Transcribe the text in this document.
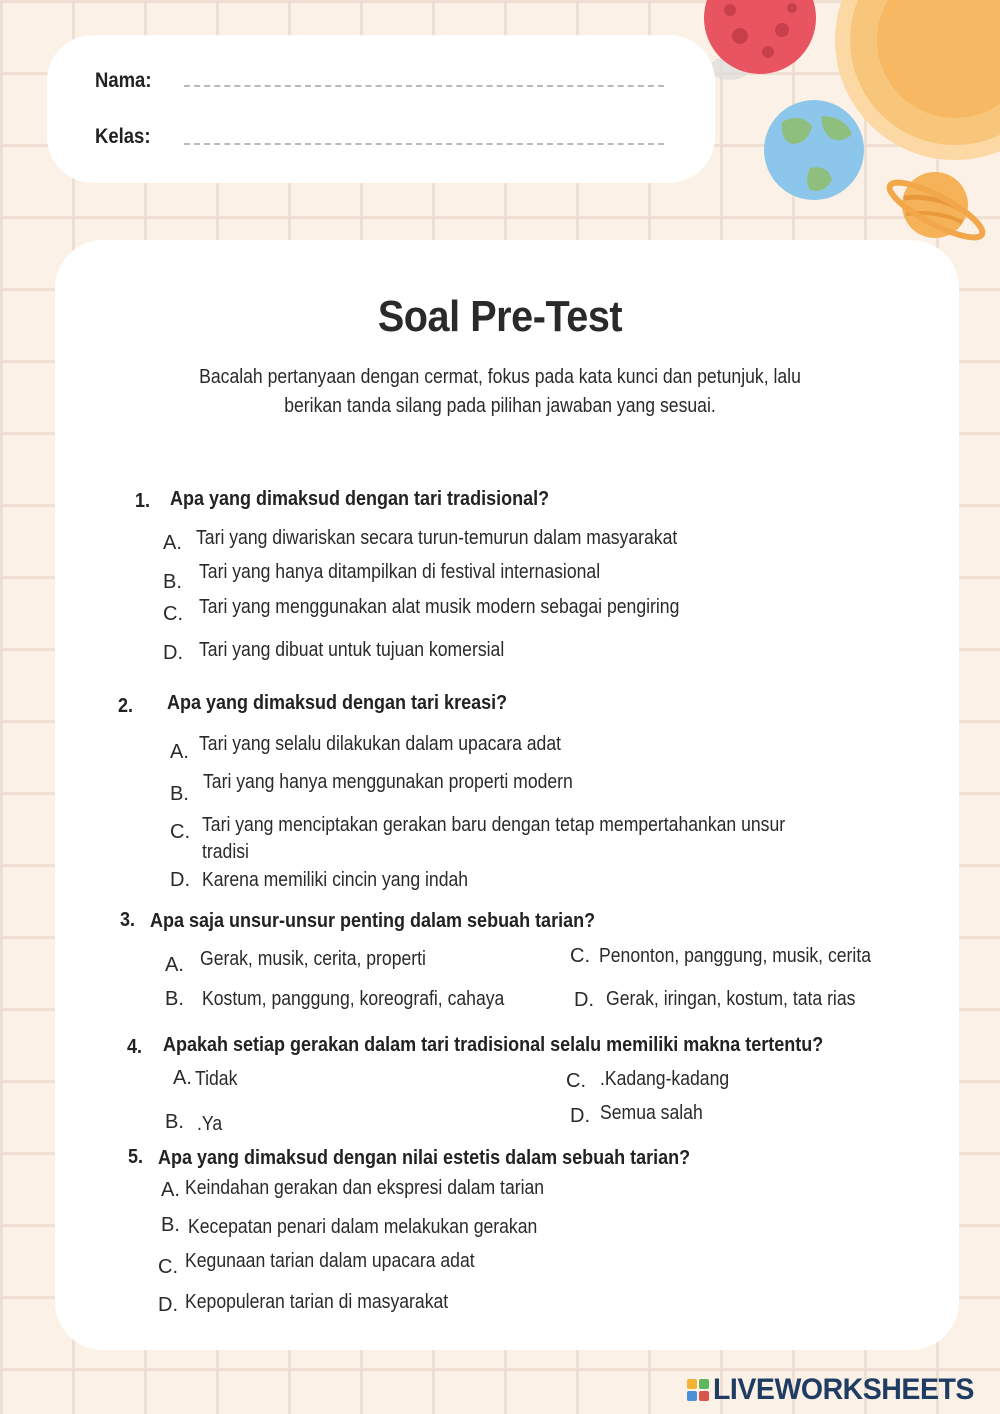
Nama:
Kelas:
Soal Pre-Test
Bacalah pertanyaan dengan cermat, fokus pada kata kunci dan petunjuk, lalu
berikan tanda silang pada pilihan jawaban yang sesuai.
1. Apa yang dimaksud dengan tari tradisional?
A. Tari yang diwariskan secara turun-temurun dalam masyarakat
B. Tari yang hanya ditampilkan di festival internasional
C. Tari yang menggunakan alat musik modern sebagai pengiring
D. Tari yang dibuat untuk tujuan komersial
2. Apa yang dimaksud dengan tari kreasi?
A. Tari yang selalu dilakukan dalam upacara adat
B.
Tari yang hanya menggunakan properti modern
C. Tari yang menciptakan gerakan baru dengan tetap mempertahankan unsur
tradisi
D. Karena memiliki cincin yang indah
3. Apa saja unsur-unsur penting dalam sebuah tarian?
A. Gerak, musik, cerita, properti
B. Kostum, panggung, koreografi, cahaya
C. Penonton, panggung, musik, cerita
D. Gerak, iringan, kostum, tata rias
4. Apakah setiap gerakan dalam tari tradisional selalu memiliki makna tertentu?
A. Tidak
B. .Ya
C. .Kadang-kadang
D. Semua salah
5. Apa yang dimaksud dengan nilai estetis dalam sebuah tarian?
A. Keindahan gerakan dan ekspresi dalam tarian
B. Kecepatan penari dalam melakukan gerakan
C. Kegunaan tarian dalam upacara adat
D. Kepopuleran tarian di masyarakat
LIVEWORKSHEETS
